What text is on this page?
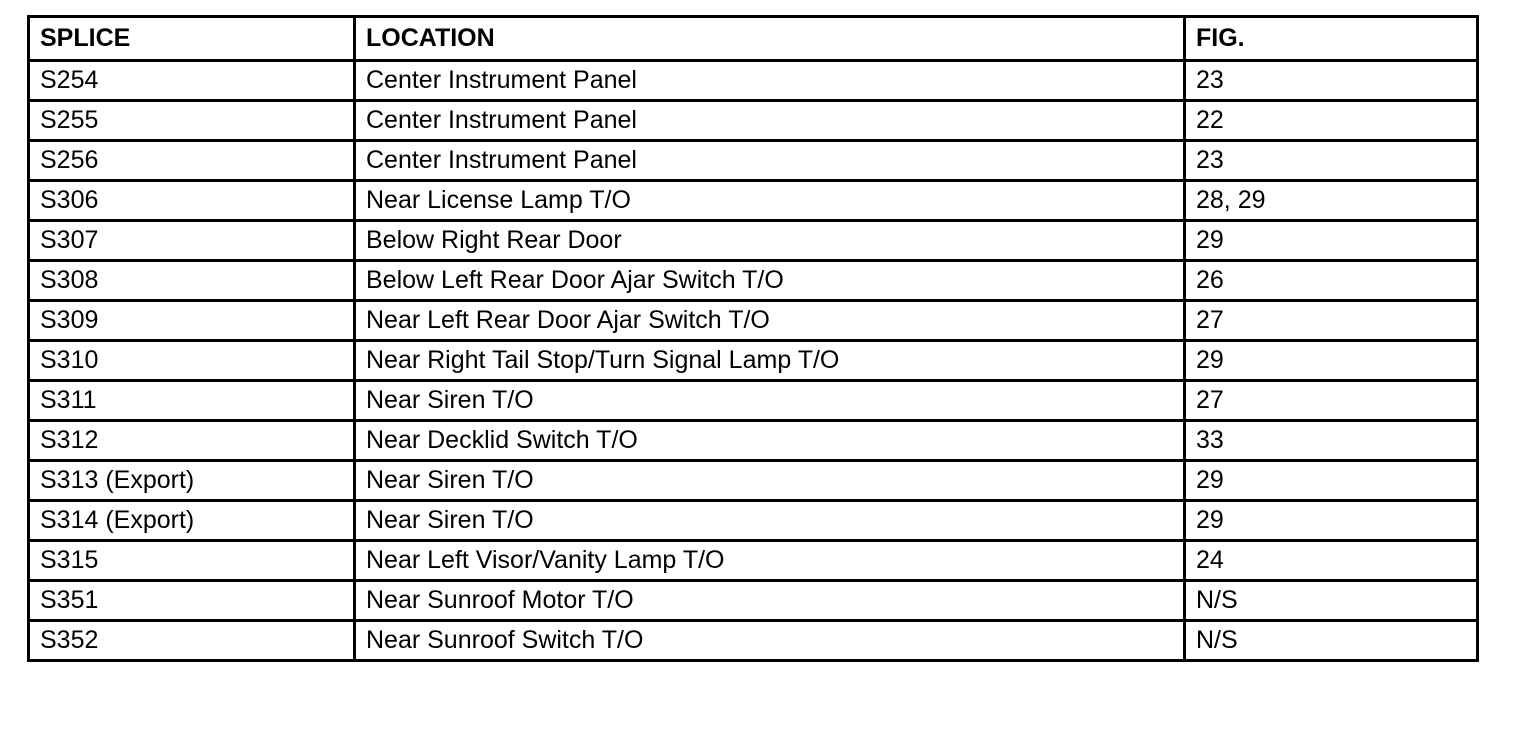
SPLICE	LOCATION	FIG.
S254	Center Instrument Panel	23
S255	Center Instrument Panel	22
S256	Center Instrument Panel	23
S306	Near License Lamp T/O	28, 29
S307	Below Right Rear Door	29
S308	Below Left Rear Door Ajar Switch T/O	26
S309	Near Left Rear Door Ajar Switch T/O	27
S310	Near Right Tail Stop/Turn Signal Lamp T/O	29
S311	Near Siren T/O	27
S312	Near Decklid Switch T/O	33
S313 (Export)	Near Siren T/O	29
S314 (Export)	Near Siren T/O	29
S315	Near Left Visor/Vanity Lamp T/O	24
S351	Near Sunroof Motor T/O	N/S
S352	Near Sunroof Switch T/O	N/S
